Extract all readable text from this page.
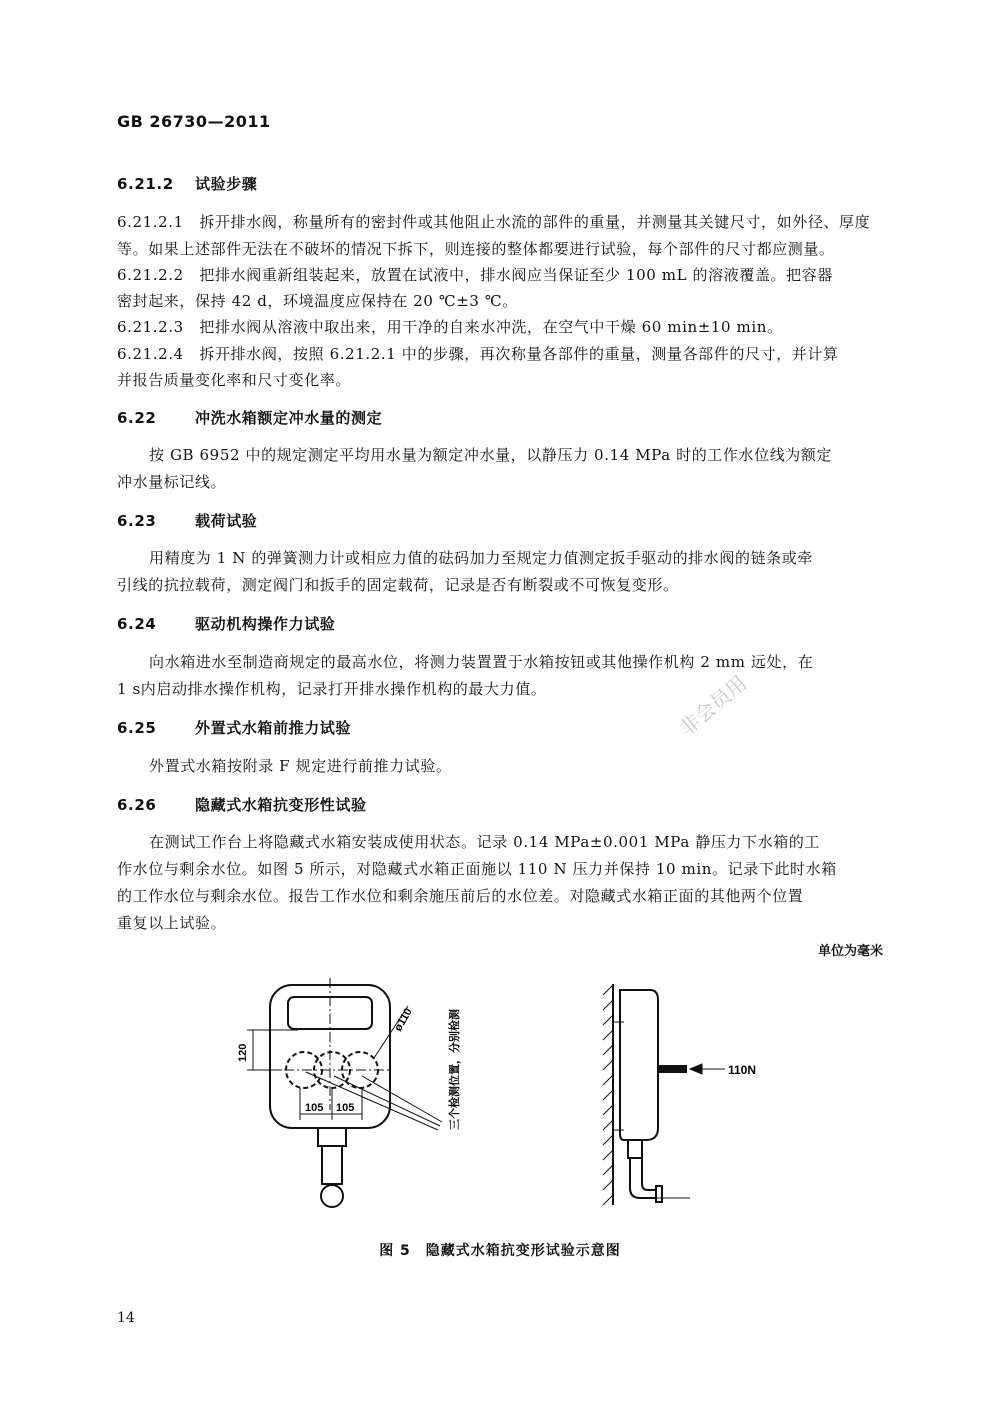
GB 26730—2011
6.21.2 试验步骤
6.21.2.1　拆开排水阀，称量所有的密封件或其他阻止水流的部件的重量，并测量其关键尺寸，如外径、厚度
等。如果上述部件无法在不破坏的情况下拆下，则连接的整体都要进行试验，每个部件的尺寸都应测量。
6.21.2.2　把排水阀重新组装起来，放置在试液中，排水阀应当保证至少 100 mL 的溶液覆盖。把容器
密封起来，保持 42 d，环境温度应保持在 20 ℃±3 ℃。
6.21.2.3　把排水阀从溶液中取出来，用干净的自来水冲洗，在空气中干燥 60 min±10 min。
6.21.2.4　拆开排水阀，按照 6.21.2.1 中的步骤，再次称量各部件的重量，测量各部件的尺寸，并计算
并报告质量变化率和尺寸变化率。
6.22	冲洗水箱额定冲水量的测定
按 GB 6952 中的规定测定平均用水量为额定冲水量，以静压力 0.14 MPa 时的工作水位线为额定
冲水量标记线。
6.23	载荷试验
用精度为 1 N 的弹簧测力计或相应力值的砝码加力至规定力值测定扳手驱动的排水阀的链条或牵
引线的抗拉载荷，测定阀门和扳手的固定载荷，记录是否有断裂或不可恢复变形。
6.24	驱动机构操作力试验
向水箱进水至制造商规定的最高水位，将测力装置置于水箱按钮或其他操作机构 2 mm 远处，在
1 s内启动排水操作机构，记录打开排水操作机构的最大力值。
6.25	外置式水箱前推力试验
外置式水箱按附录 F 规定进行前推力试验。
6.26	隐藏式水箱抗变形性试验
在测试工作台上将隐藏式水箱安装成使用状态。记录 0.14 MPa±0.001 MPa 静压力下水箱的工
作水位与剩余水位。如图 5 所示，对隐藏式水箱正面施以 110 N 压力并保持 10 min。记录下此时水箱
的工作水位与剩余水位。报告工作水位和剩余施压前后的水位差。对隐藏式水箱正面的其他两个位置
重复以上试验。
单位为毫米
非会员用
120
105 105
ø110	三个检测位置，分别检测	110N
图 5　隐藏式水箱抗变形试验示意图
14
